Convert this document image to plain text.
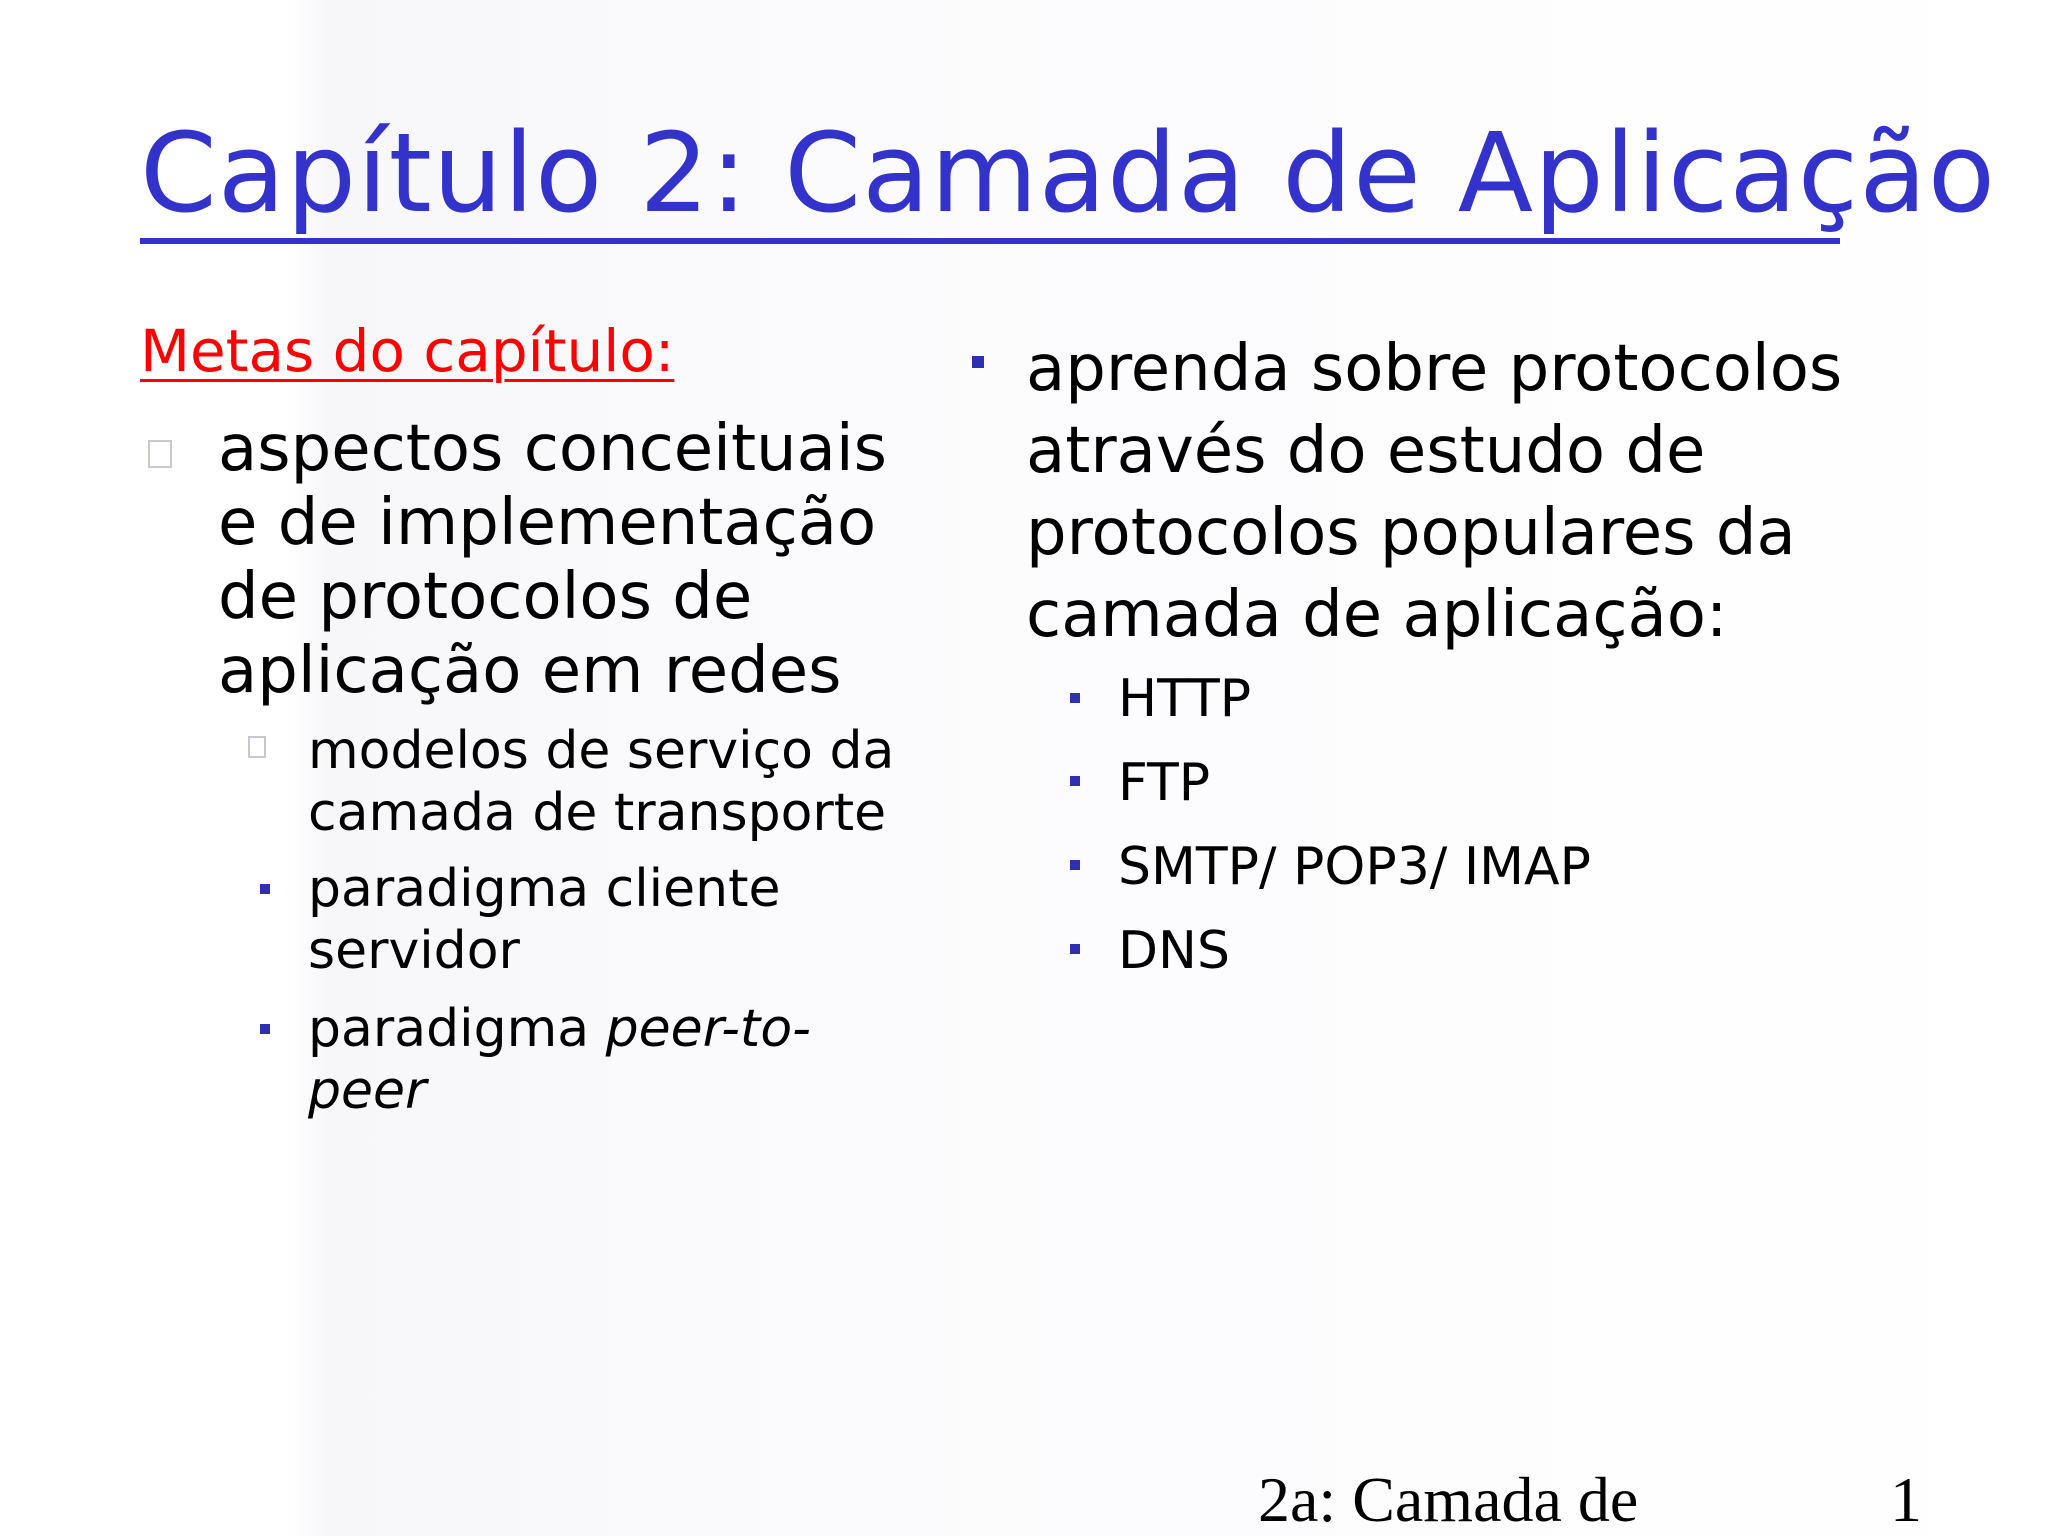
Capítulo 2: Camada de Aplicação
Metas do capítulo:
aspectos conceituais
e de implementação
de protocolos de
aplicação em redes
modelos de serviço da
camada de transporte
paradigma cliente
servidor
paradigma peer-to-
peer
aprenda sobre protocolos
através do estudo de
protocolos populares da
camada de aplicação:
HTTP
FTP
SMTP/ POP3/ IMAP
DNS
2a: Camada de	1
